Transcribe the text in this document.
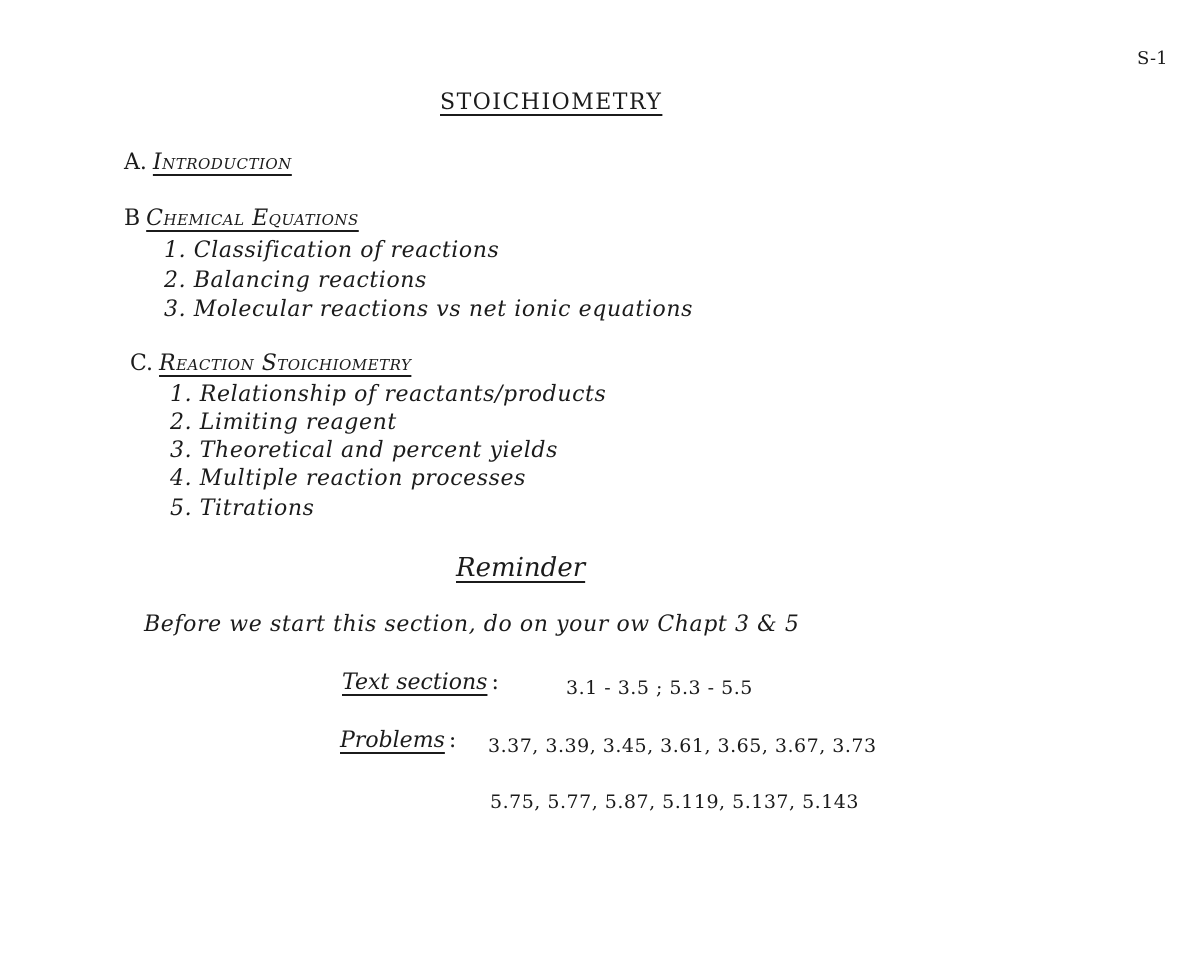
S-1

STOICHIOMETRY

A. Introduction
B Chemical Equations

1. Classification of reactions

2. Balancing reactions

3. Molecular reactions vs net ionic equations

C. Reaction Stoichiometry

1. Relationship of reactants/products

2. Limiting reagent

3. Theoretical and percent yields

4. Multiple reaction processes

5. Titrations

Reminder

Before we start this section, do on your ow Chapt 3 & 5

Text sections :	3.1 - 3.5 ; 5.3 - 5.5

Problems : 3.37, 3.39, 3.45, 3.61, 3.65, 3.67, 3.73

5.75, 5.77, 5.87, 5.119, 5.137, 5.143
